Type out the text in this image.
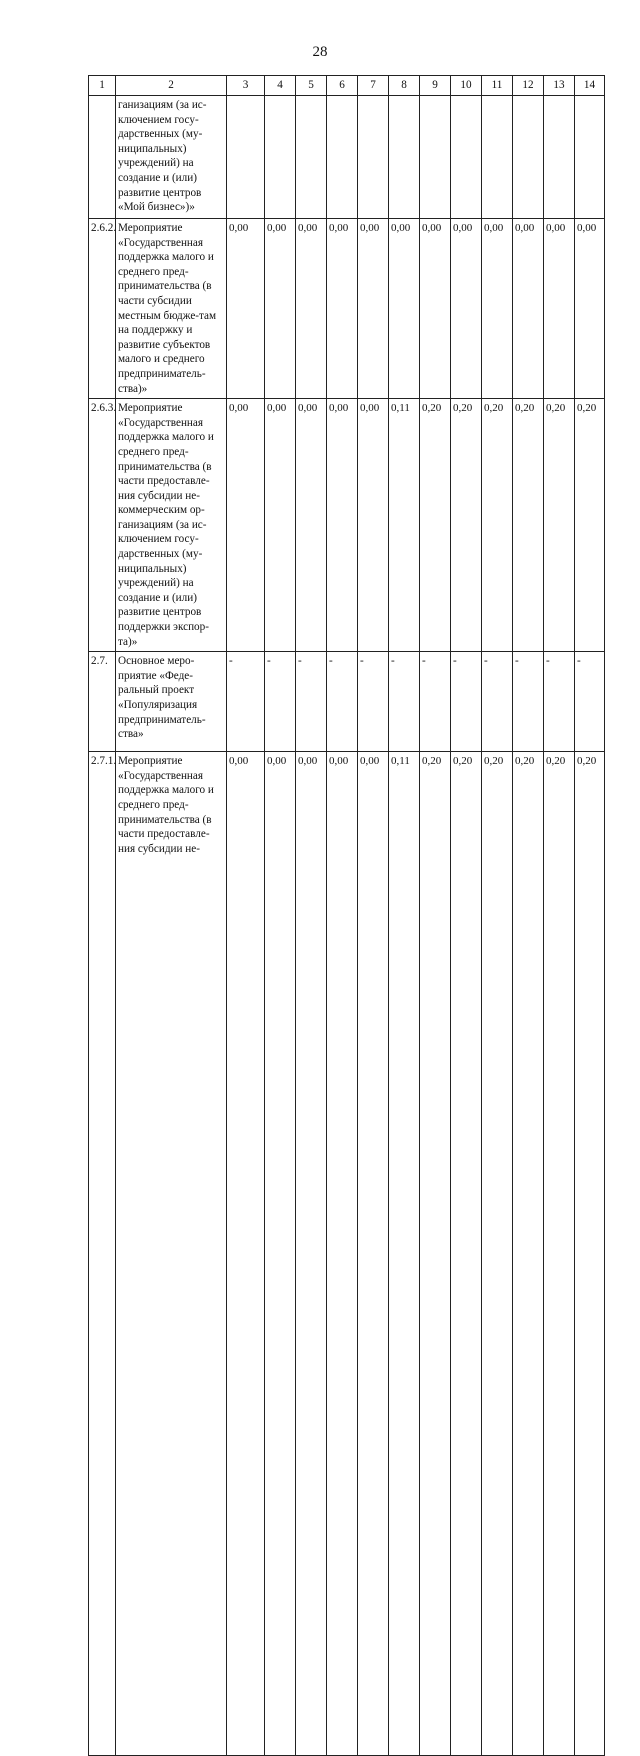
28
1	2	3	4	5	6	7	8	9	10	11	12	13	14
	ганизациям (за ис-ключением госу-дарственных (му-ниципальных) учреждений) на создание и (или) развитие центров «Мой бизнес»)»												
2.6.2.	Мероприятие «Государственная поддержка малого и среднего пред-принимательства (в части субсидии местным бюдже-там на поддержку и развитие субъектов малого и среднего предприниматель-ства)»	0,00	0,00	0,00	0,00	0,00	0,00	0,00	0,00	0,00	0,00	0,00	0,00
2.6.3.	Мероприятие «Государственная поддержка малого и среднего пред-принимательства (в части предоставле-ния субсидии не-коммерческим ор-ганизациям (за ис-ключением госу-дарственных (му-ниципальных) учреждений) на создание и (или) развитие центров поддержки экспор-та)»	0,00	0,00	0,00	0,00	0,00	0,11	0,20	0,20	0,20	0,20	0,20	0,20
2.7.	Основное меро-приятие «Феде-ральный проект «Популяризация предприниматель-ства»	-	-	-	-	-	-	-	-	-	-	-	-
2.7.1.	Мероприятие «Государственная поддержка малого и среднего пред-принимательства (в части предоставле-ния субсидии не-	0,00	0,00	0,00	0,00	0,00	0,11	0,20	0,20	0,20	0,20	0,20	0,20
